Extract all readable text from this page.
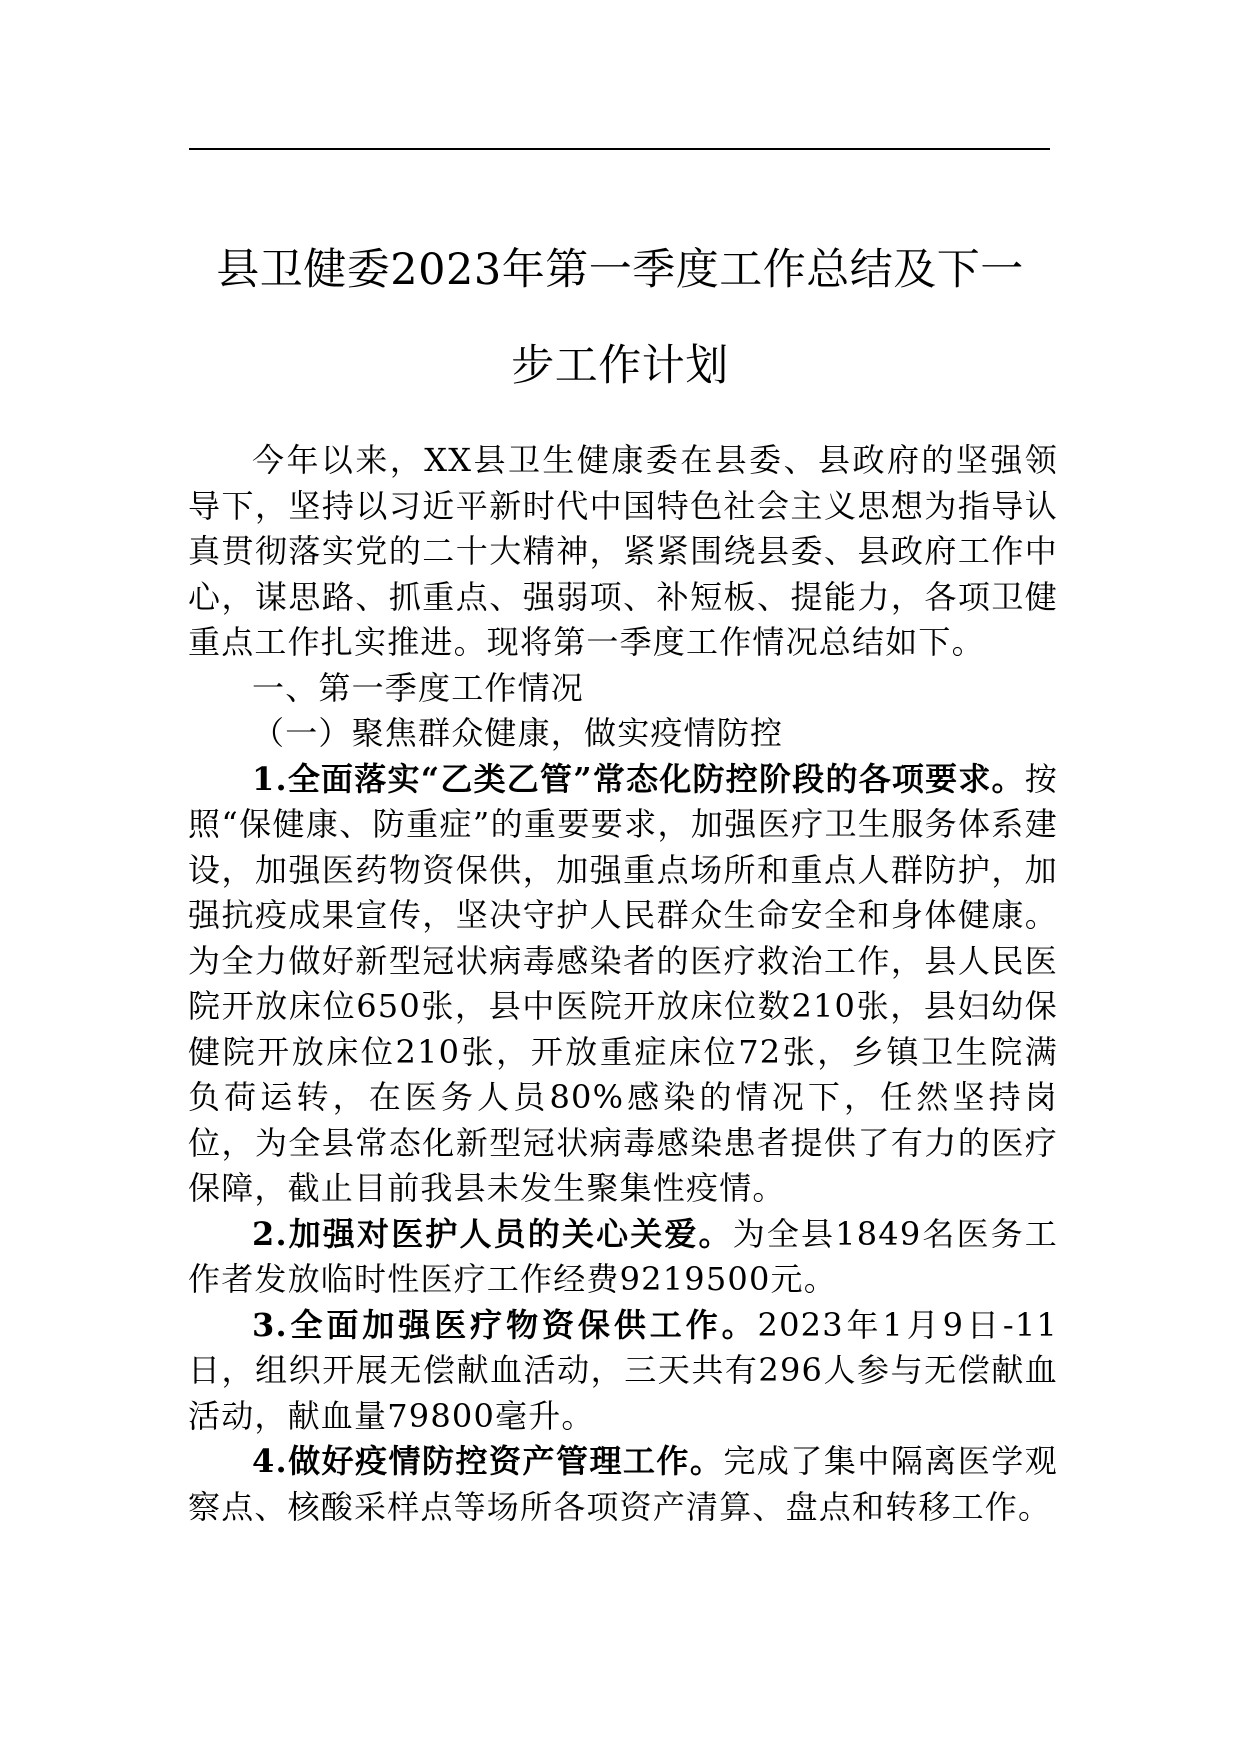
县卫健委2023年第一季度工作总结及下一
步工作计划

今年以来，XX县卫生健康委在县委、县政府的坚强领导下，坚持以习近平新时代中国特色社会主义思想为指导认真贯彻落实党的二十大精神，紧紧围绕县委、县政府工作中心，谋思路、抓重点、强弱项、补短板、提能力，各项卫健重点工作扎实推进。现将第一季度工作情况总结如下。

一、第一季度工作情况

（一）聚焦群众健康，做实疫情防控

1.全面落实“乙类乙管”常态化防控阶段的各项要求。按照“保健康、防重症”的重要要求，加强医疗卫生服务体系建设，加强医药物资保供，加强重点场所和重点人群防护，加强抗疫成果宣传，坚决守护人民群众生命安全和身体健康。为全力做好新型冠状病毒感染者的医疗救治工作，县人民医院开放床位650张，县中医院开放床位数210张，县妇幼保健院开放床位210张，开放重症床位72张，乡镇卫生院满负荷运转，在医务人员80%感染的情况下，任然坚持岗位，为全县常态化新型冠状病毒感染患者提供了有力的医疗保障，截止目前我县未发生聚集性疫情。

2.加强对医护人员的关心关爱。为全县1849名医务工作者发放临时性医疗工作经费9219500元。

3.全面加强医疗物资保供工作。2023年1月9日-11日，组织开展无偿献血活动，三天共有296人参与无偿献血活动，献血量79800毫升。

4.做好疫情防控资产管理工作。完成了集中隔离医学观察点、核酸采样点等场所各项资产清算、盘点和转移工作。
